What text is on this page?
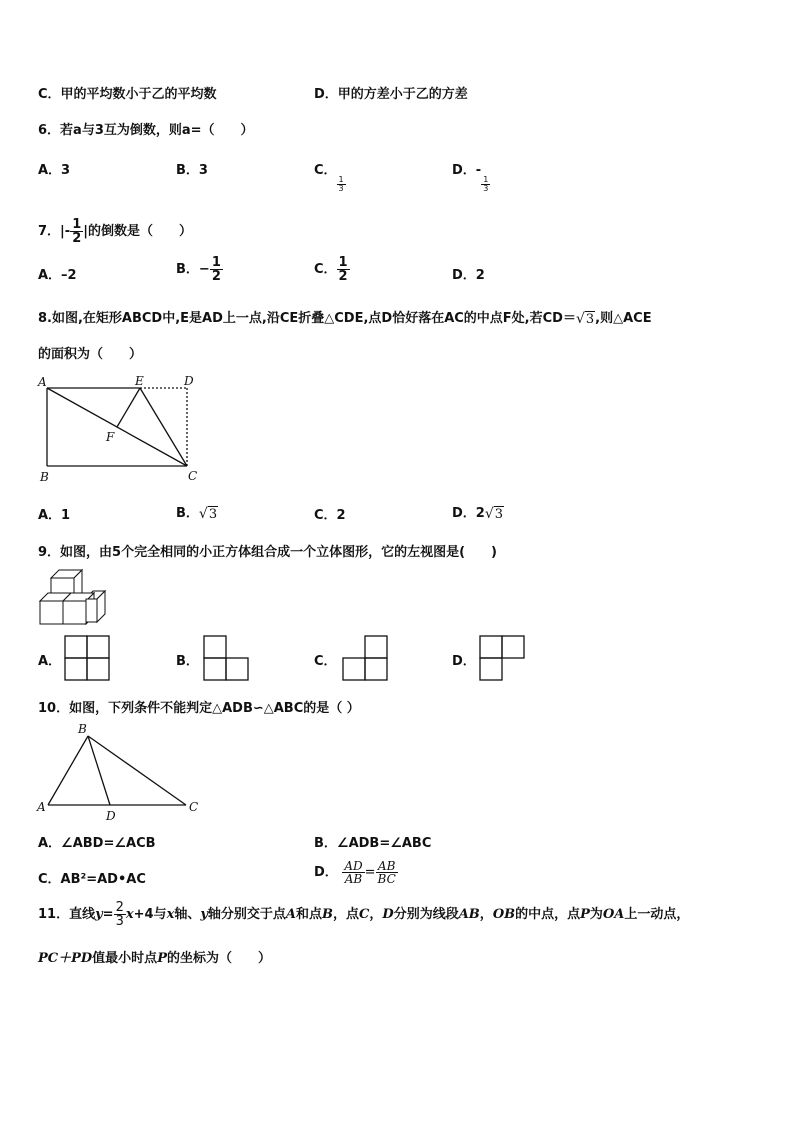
C．甲的平均数小于乙的平均数	D．甲的方差小于乙的方差
6．若a与3互为倒数，则a=（　　）
A．3	B．3	C．
$\frac{1}{3}$
D．-
$\frac{1}{3}$
7．|- $\frac{1}{2}$ |的倒数是（　　）
A．–2	B．− $\frac{1}{2}$	C． $\frac{1}{2}$	D．2
8.如图,在矩形ABCD中,E是AD上一点,沿CE折叠△CDE,点D恰好落在AC的中点F处,若CD＝√3,则△ACE
的面积为（　　）
A	E	D
F
B	C
A．1	B．√3	C．2	D．2√3
9．如图，由5个完全相同的小正方体组合成一个立体图形，它的左视图是(　　)
A．	B．	C．	D．
10．如图，下列条件不能判定△ADB∽△ABC的是（ ）
B
A
D
C
A．∠ABD=∠ACB	B．∠ADB=∠ABC
C．AB²=AD•AC	D． $\frac{AD}{AB} = \frac{AB}{BC}$
11．直线$y= \frac{2}{3} x+4$与x轴、y轴分别交于点A和点B，点C，D分别为线段AB，OB的中点，点P为OA上一动点，
PC＋PD值最小时点P的坐标为（　　）
